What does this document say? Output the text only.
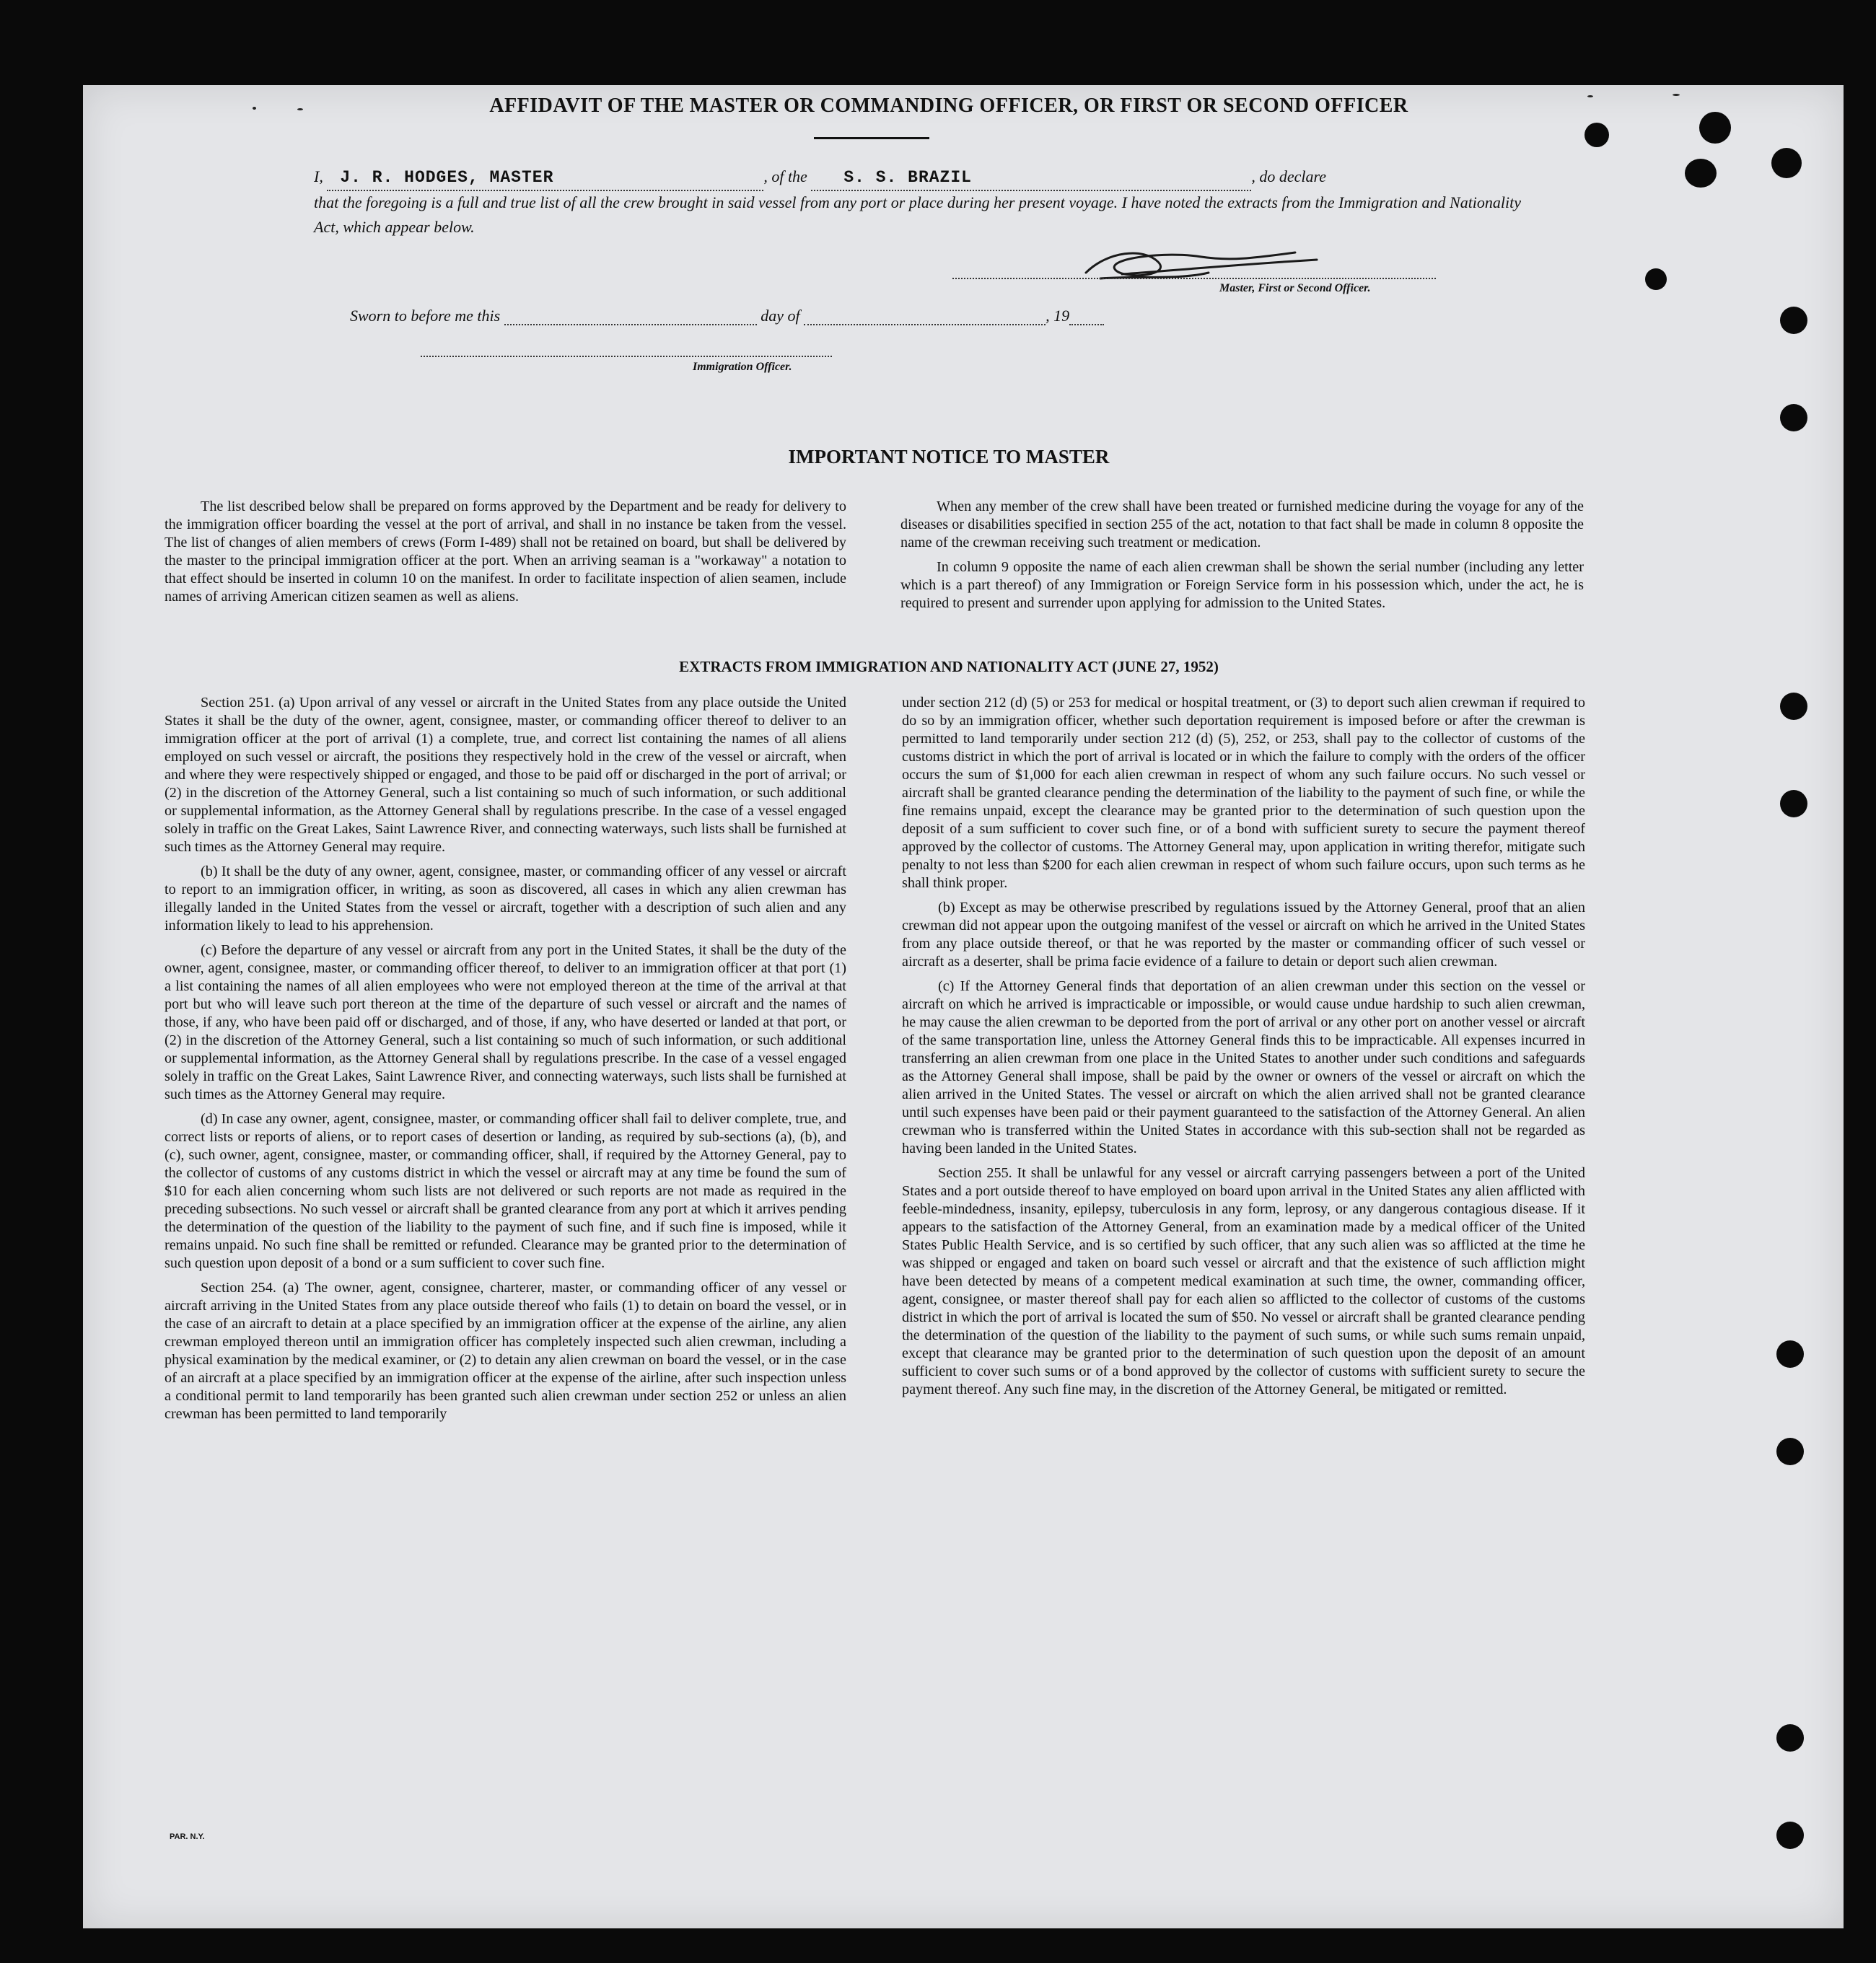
AFFIDAVIT OF THE MASTER OR COMMANDING OFFICER, OR FIRST OR SECOND OFFICER
I, J. R. HODGES, MASTER	, of the S. S. BRAZIL	, do declare
that the foregoing is a full and true list of all the crew brought in said vessel from any port or place during her present voyage. I have noted the extracts from the Immigration and Nationality Act, which appear below.
Master, First or Second Officer.
Sworn to before me this	day of	, 19
Immigration Officer.
IMPORTANT NOTICE TO MASTER

The list described below shall be prepared on forms approved by the Department and be ready for delivery to the immigration officer boarding the vessel at the port of arrival, and shall in no instance be taken from the vessel. The list of changes of alien members of crews (Form I-489) shall not be retained on board, but shall be delivered by the master to the principal immigration officer at the port. When an arriving seaman is a "workaway" a notation to that effect should be inserted in column 10 on the manifest. In order to facilitate inspection of alien seamen, include names of arriving American citizen seamen as well as aliens.

When any member of the crew shall have been treated or furnished medicine during the voyage for any of the diseases or disabilities specified in section 255 of the act, notation to that fact shall be made in column 8 opposite the name of the crewman receiving such treatment or medication.

In column 9 opposite the name of each alien crewman shall be shown the serial number (including any letter which is a part thereof) of any Immigration or Foreign Service form in his possession which, under the act, he is required to present and surrender upon applying for admission to the United States.

EXTRACTS FROM IMMIGRATION AND NATIONALITY ACT (JUNE 27, 1952)

Section 251. (a) Upon arrival of any vessel or aircraft in the United States from any place outside the United States it shall be the duty of the owner, agent, consignee, master, or commanding officer thereof to deliver to an immigration officer at the port of arrival (1) a complete, true, and correct list containing the names of all aliens employed on such vessel or aircraft, the positions they respectively hold in the crew of the vessel or aircraft, when and where they were respectively shipped or engaged, and those to be paid off or discharged in the port of arrival; or (2) in the discretion of the Attorney General, such a list containing so much of such information, or such additional or supplemental information, as the Attorney General shall by regulations prescribe. In the case of a vessel engaged solely in traffic on the Great Lakes, Saint Lawrence River, and connecting waterways, such lists shall be furnished at such times as the Attorney General may require.

(b) It shall be the duty of any owner, agent, consignee, master, or commanding officer of any vessel or aircraft to report to an immigration officer, in writing, as soon as discovered, all cases in which any alien crewman has illegally landed in the United States from the vessel or aircraft, together with a description of such alien and any information likely to lead to his apprehension.

(c) Before the departure of any vessel or aircraft from any port in the United States, it shall be the duty of the owner, agent, consignee, master, or commanding officer thereof, to deliver to an immigration officer at that port (1) a list containing the names of all alien employees who were not employed thereon at the time of the arrival at that port but who will leave such port thereon at the time of the departure of such vessel or aircraft and the names of those, if any, who have been paid off or discharged, and of those, if any, who have deserted or landed at that port, or (2) in the discretion of the Attorney General, such a list containing so much of such information, or such additional or supplemental information, as the Attorney General shall by regulations prescribe. In the case of a vessel engaged solely in traffic on the Great Lakes, Saint Lawrence River, and connecting waterways, such lists shall be furnished at such times as the Attorney General may require.

(d) In case any owner, agent, consignee, master, or commanding officer shall fail to deliver complete, true, and correct lists or reports of aliens, or to report cases of desertion or landing, as required by sub-sections (a), (b), and (c), such owner, agent, consignee, master, or commanding officer, shall, if required by the Attorney General, pay to the collector of customs of any customs district in which the vessel or aircraft may at any time be found the sum of $10 for each alien concerning whom such lists are not delivered or such reports are not made as required in the preceding subsections. No such vessel or aircraft shall be granted clearance from any port at which it arrives pending the determination of the question of the liability to the payment of such fine, and if such fine is imposed, while it remains unpaid. No such fine shall be remitted or refunded. Clearance may be granted prior to the determination of such question upon deposit of a bond or a sum sufficient to cover such fine.

Section 254. (a) The owner, agent, consignee, charterer, master, or commanding officer of any vessel or aircraft arriving in the United States from any place outside thereof who fails (1) to detain on board the vessel, or in the case of an aircraft to detain at a place specified by an immigration officer at the expense of the airline, any alien crewman employed thereon until an immigration officer has completely inspected such alien crewman, including a physical examination by the medical examiner, or (2) to detain any alien crewman on board the vessel, or in the case of an aircraft at a place specified by an immigration officer at the expense of the airline, after such inspection unless a conditional permit to land temporarily has been granted such alien crewman under section 252 or unless an alien crewman has been permitted to land temporarily

under section 212 (d) (5) or 253 for medical or hospital treatment, or (3) to deport such alien crewman if required to do so by an immigration officer, whether such deportation requirement is imposed before or after the crewman is permitted to land temporarily under section 212 (d) (5), 252, or 253, shall pay to the collector of customs of the customs district in which the port of arrival is located or in which the failure to comply with the orders of the officer occurs the sum of $1,000 for each alien crewman in respect of whom any such failure occurs. No such vessel or aircraft shall be granted clearance pending the determination of the liability to the payment of such fine, or while the fine remains unpaid, except the clearance may be granted prior to the determination of such question upon the deposit of a sum sufficient to cover such fine, or of a bond with sufficient surety to secure the payment thereof approved by the collector of customs. The Attorney General may, upon application in writing therefor, mitigate such penalty to not less than $200 for each alien crewman in respect of whom such failure occurs, upon such terms as he shall think proper.

(b) Except as may be otherwise prescribed by regulations issued by the Attorney General, proof that an alien crewman did not appear upon the outgoing manifest of the vessel or aircraft on which he arrived in the United States from any place outside thereof, or that he was reported by the master or commanding officer of such vessel or aircraft as a deserter, shall be prima facie evidence of a failure to detain or deport such alien crewman.

(c) If the Attorney General finds that deportation of an alien crewman under this section on the vessel or aircraft on which he arrived is impracticable or impossible, or would cause undue hardship to such alien crewman, he may cause the alien crewman to be deported from the port of arrival or any other port on another vessel or aircraft of the same transportation line, unless the Attorney General finds this to be impracticable. All expenses incurred in transferring an alien crewman from one place in the United States to another under such conditions and safeguards as the Attorney General shall impose, shall be paid by the owner or owners of the vessel or aircraft on which the alien arrived in the United States. The vessel or aircraft on which the alien arrived shall not be granted clearance until such expenses have been paid or their payment guaranteed to the satisfaction of the Attorney General. An alien crewman who is transferred within the United States in accordance with this sub-section shall not be regarded as having been landed in the United States.

Section 255. It shall be unlawful for any vessel or aircraft carrying passengers between a port of the United States and a port outside thereof to have employed on board upon arrival in the United States any alien afflicted with feeble-mindedness, insanity, epilepsy, tuberculosis in any form, leprosy, or any dangerous contagious disease. If it appears to the satisfaction of the Attorney General, from an examination made by a medical officer of the United States Public Health Service, and is so certified by such officer, that any such alien was so afflicted at the time he was shipped or engaged and taken on board such vessel or aircraft and that the existence of such affliction might have been detected by means of a competent medical examination at such time, the owner, commanding officer, agent, consignee, or master thereof shall pay for each alien so afflicted to the collector of customs of the customs district in which the port of arrival is located the sum of $50. No vessel or aircraft shall be granted clearance pending the determination of the question of the liability to the payment of such sums, or while such sums remain unpaid, except that clearance may be granted prior to the determination of such question upon the deposit of an amount sufficient to cover such sums or of a bond approved by the collector of customs with sufficient surety to secure the payment thereof. Any such fine may, in the discretion of the Attorney General, be mitigated or remitted.

PAR. N.Y.
